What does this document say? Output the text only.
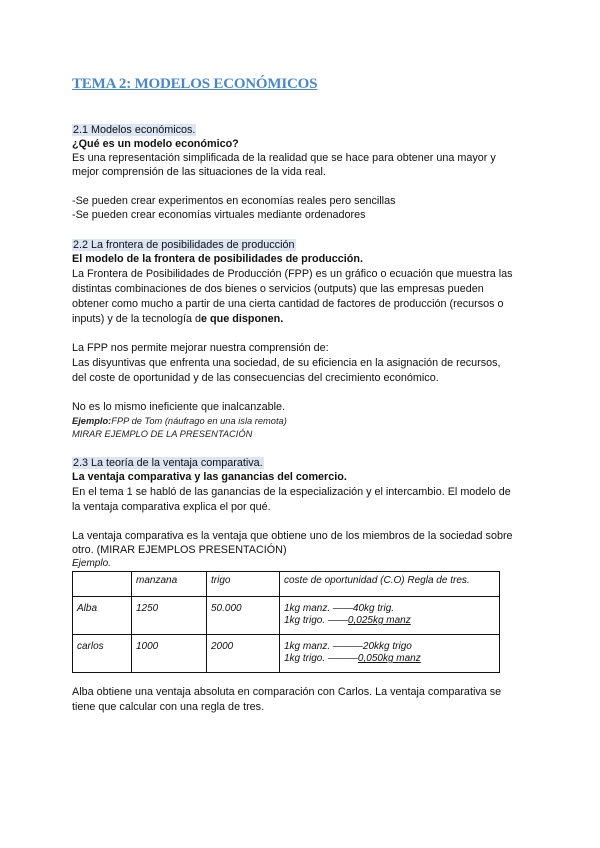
TEMA 2: MODELOS ECONÓMICOS
2.1 Modelos económicos.
¿Qué es un modelo económico?
Es una representación simplificada de la realidad que se hace para obtener una mayor y
mejor comprensión de las situaciones de la vida real.
-Se pueden crear experimentos en economías reales pero sencillas
-Se pueden crear economías virtuales mediante ordenadores
2.2 La frontera de posibilidades de producción
El modelo de la frontera de posibilidades de producción.
La Frontera de Posibilidades de Producción (FPP) es un gráfico o ecuación que muestra las
distintas combinaciones de dos bienes o servicios (outputs) que las empresas pueden
obtener como mucho a partir de una cierta cantidad de factores de producción (recursos o
inputs) y de la tecnología de que disponen.
La FPP nos permite mejorar nuestra comprensión de:
Las disyuntivas que enfrenta una sociedad, de su eficiencia en la asignación de recursos,
del coste de oportunidad y de las consecuencias del crecimiento económico.
No es lo mismo ineficiente que inalcanzable.
Ejemplo:FPP de Tom (náufrago en una isla remota)
MIRAR EJEMPLO DE LA PRESENTACIÓN
2.3 La teoría de la ventaja comparativa.
La ventaja comparativa y las ganancias del comercio.
En el tema 1 se habló de las ganancias de la especialización y el intercambio. El modelo de
la ventaja comparativa explica el por qué.
La ventaja comparativa es la ventaja que obtiene uno de los miembros de la sociedad sobre
otro. (MIRAR EJEMPLOS PRESENTACIÓN)
Ejemplo.
	manzana	trigo	coste de oportunidad (C.O) Regla de tres.
Alba	1250	50.000	1kg manz. ——40kg trig.
1kg trigo. ——0,025kg manz

carlos	1000	2000	1kg manz. ———20kkg trigo
1kg trigo. ———0,050kg manz
Alba obtiene una ventaja absoluta en comparación con Carlos. La ventaja comparativa se
tiene que calcular con una regla de tres.
